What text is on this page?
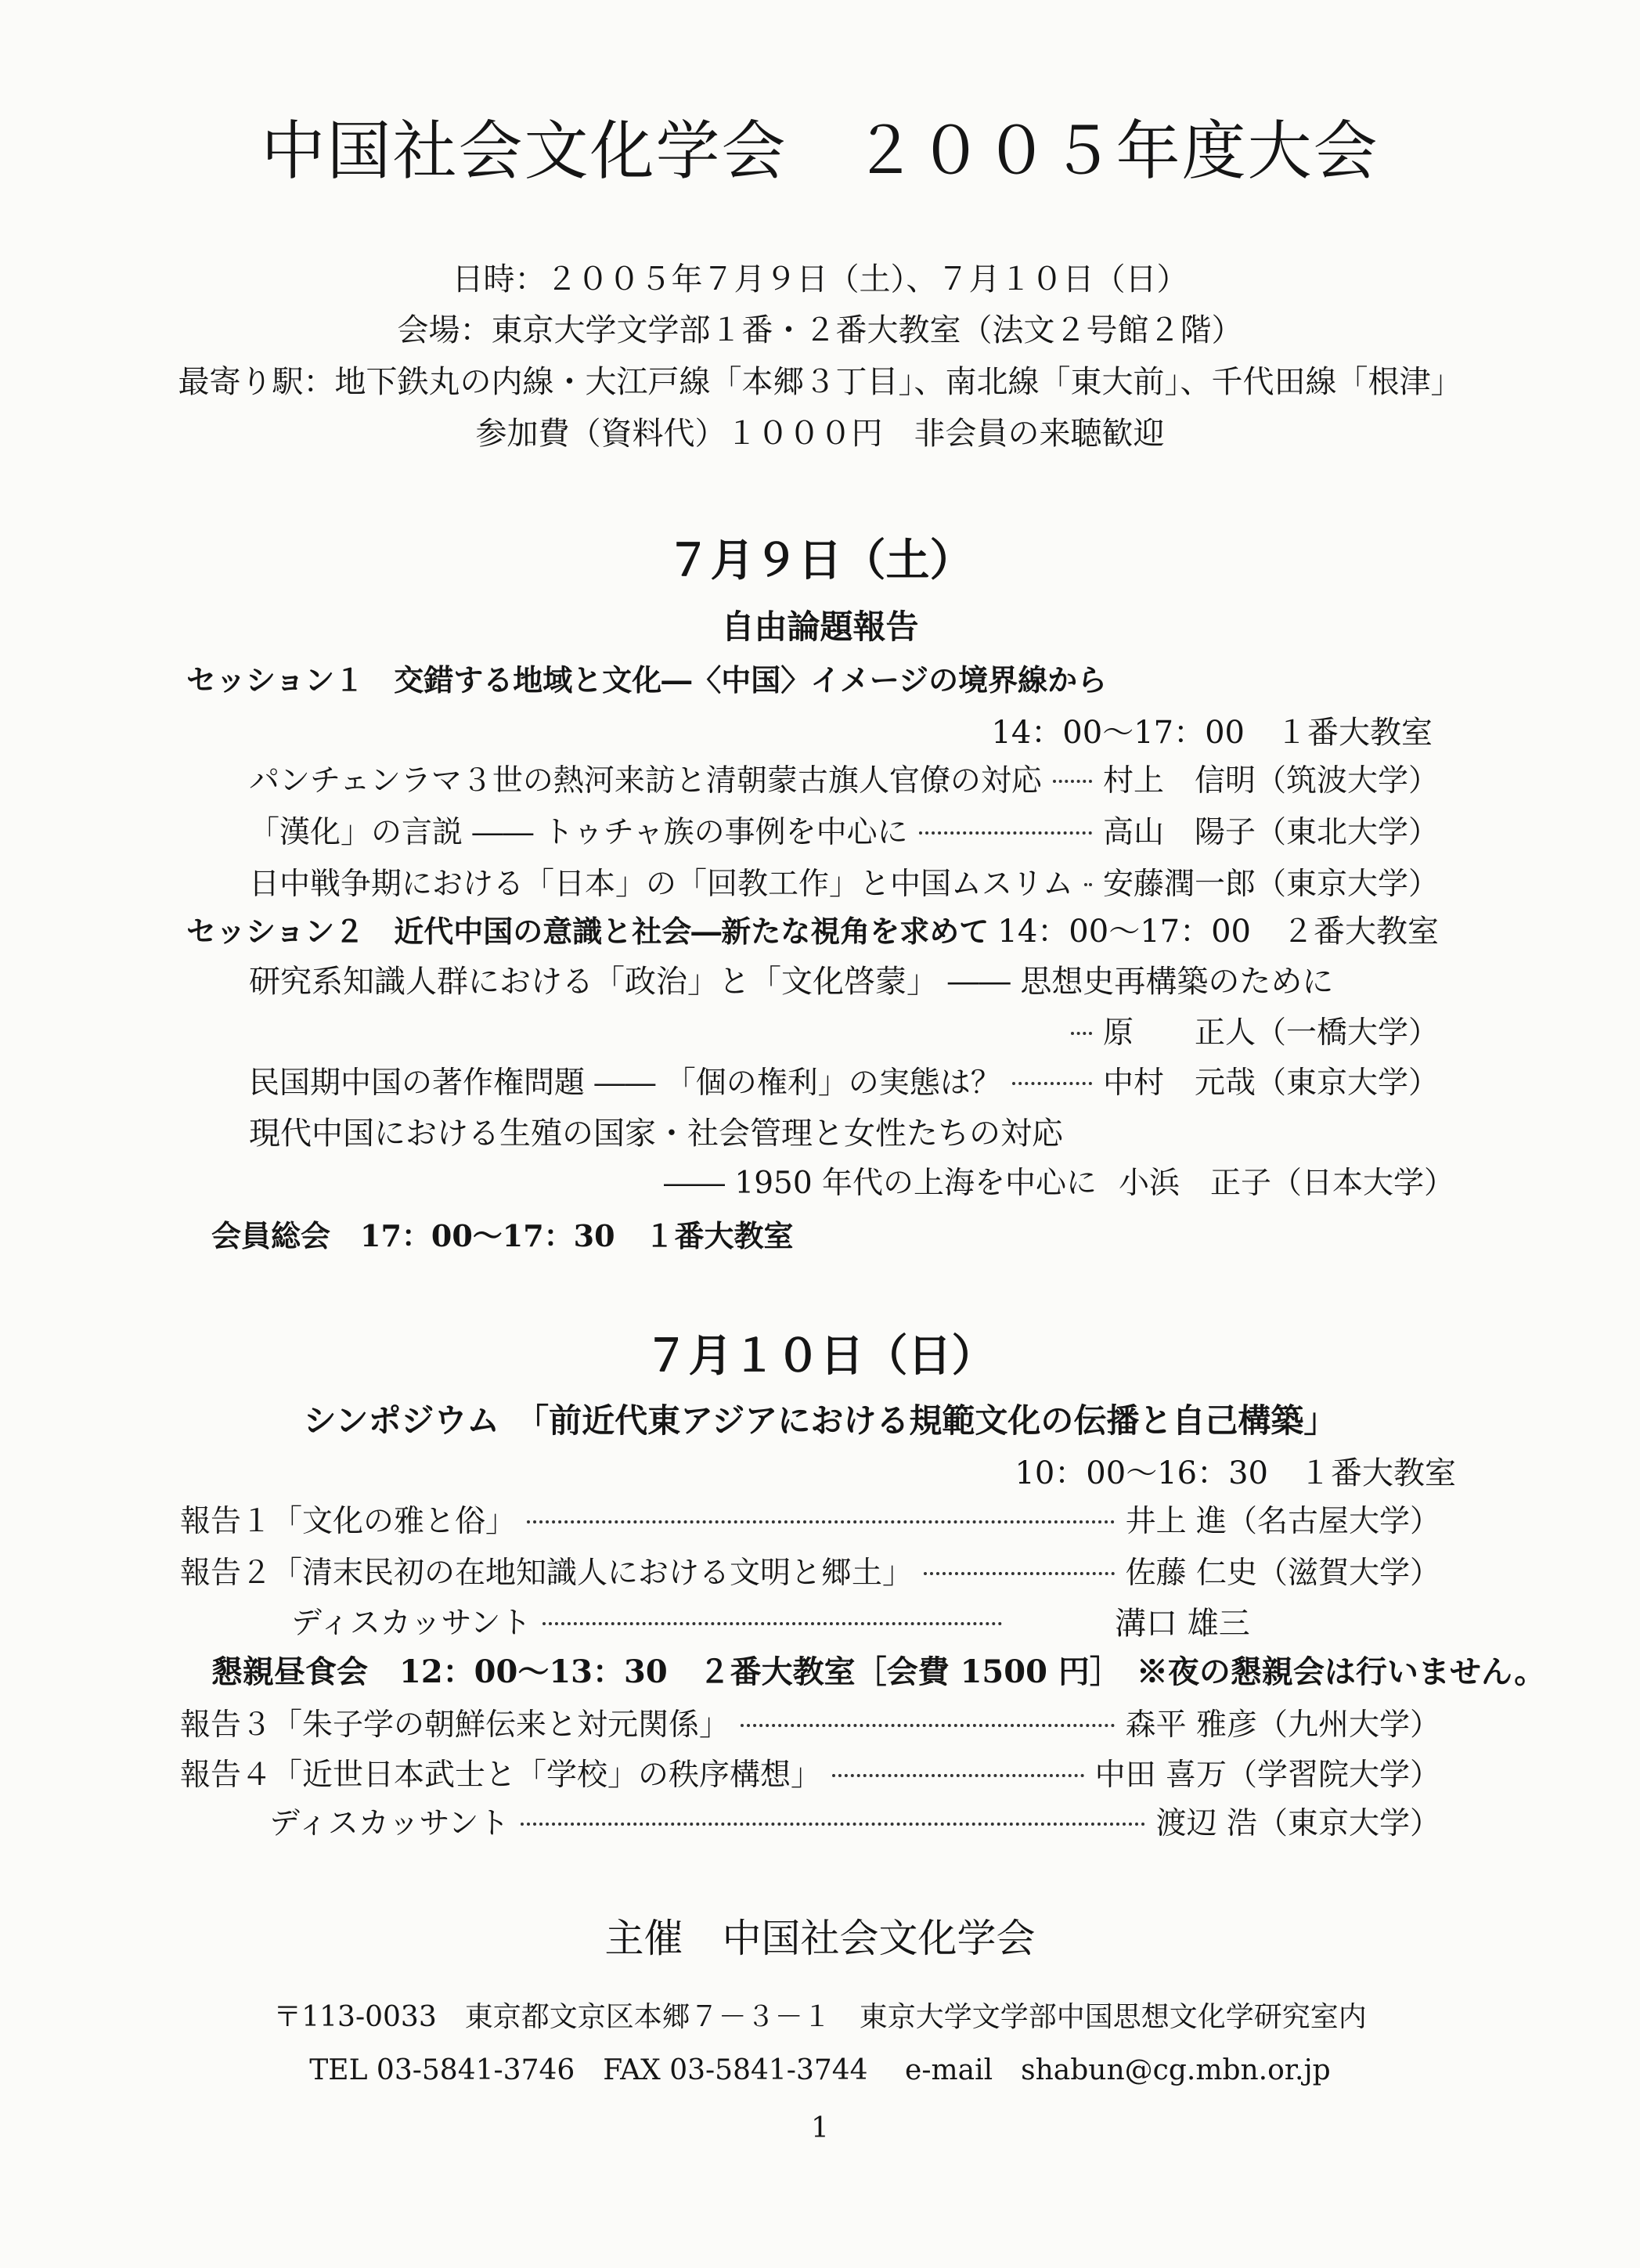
中国社会文化学会　２００５年度大会
日時：２００５年７月９日（土）、７月１０日（日）
会場：東京大学文学部１番・２番大教室（法文２号館２階）
最寄り駅：地下鉄丸の内線・大江戸線「本郷３丁目」、南北線「東大前」、千代田線「根津」
参加費（資料代）１０００円　非会員の来聴歓迎
７月９日（土）
自由論題報告
セッション１　交錯する地域と文化―〈中国〉イメージの境界線から
14：00～17：00　１番大教室
パンチェンラマ３世の熱河来訪と清朝蒙古旗人官僚の対応 村上　信明（筑波大学）
「漢化」の言説 ―― トゥチャ族の事例を中心に	高山　陽子（東北大学）
日中戦争期における「日本」の「回教工作」と中国ムスリム 安藤潤一郎（東京大学）
セッション２　近代中国の意識と社会―新たな視角を求めて 14：00～17：00　２番大教室
研究系知識人群における「政治」と「文化啓蒙」 ―― 思想史再構築のために
原　　正人（一橋大学）
民国期中国の著作権問題 ―― 「個の権利」の実態は？	中村　元哉（東京大学）
現代中国における生殖の国家・社会管理と女性たちの対応
―― 1950 年代の上海を中心に 小浜　正子（日本大学）
会員総会　17：00～17：30　１番大教室
７月１０日（日）
シンポジウム　「前近代東アジアにおける規範文化の伝播と自己構築」
10：00～16：30　１番大教室
報告１「文化の雅と俗」	井上 進（名古屋大学）
報告２「清末民初の在地知識人における文明と郷土」	佐藤 仁史（滋賀大学）
ディスカッサント	溝口 雄三
懇親昼食会　12：00～13：30　２番大教室［会費 1500 円］　※夜の懇親会は行いません。
報告３「朱子学の朝鮮伝来と対元関係」	森平 雅彦（九州大学）
報告４「近世日本武士と「学校」の秩序構想」	中田 喜万（学習院大学）
ディスカッサント	渡辺 浩（東京大学）
主催　中国社会文化学会
〒113-0033　東京都文京区本郷７－３－１　東京大学文学部中国思想文化学研究室内
TEL 03-5841-3746　FAX 03-5841-3744　 e-mail　shabun@cg.mbn.or.jp
1
